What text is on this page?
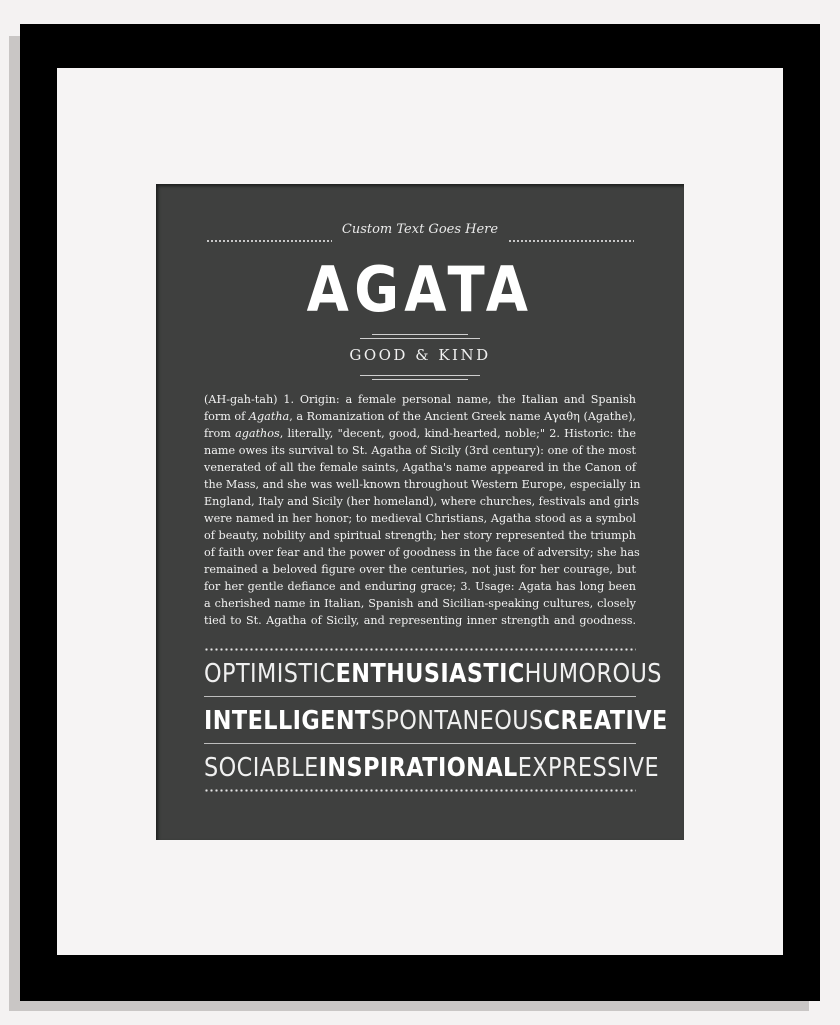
Custom Text Goes Here
AGATA
GOOD & KIND
(AH-gah-tah) 1. Origin: a female personal name, the Italian and Spanish
form of Agatha, a Romanization of the Ancient Greek name Αγαθη (Agathe),
from agathos, literally, "decent, good, kind-hearted, noble;" 2. Historic: the
name owes its survival to St. Agatha of Sicily (3rd century): one of the most
venerated of all the female saints, Agatha's name appeared in the Canon of
the Mass, and she was well-known throughout Western Europe, especially in
England, Italy and Sicily (her homeland), where churches, festivals and girls
were named in her honor; to medieval Christians, Agatha stood as a symbol
of beauty, nobility and spiritual strength; her story represented the triumph
of faith over fear and the power of goodness in the face of adversity; she has
remained a beloved figure over the centuries, not just for her courage, but
for her gentle defiance and enduring grace; 3. Usage: Agata has long been
a cherished name in Italian, Spanish and Sicilian-speaking cultures, closely
tied to St. Agatha of Sicily, and representing inner strength and goodness.
OPTIMISTIC ENTHUSIASTIC HUMOROUS
INTELLIGENT SPONTANEOUS CREATIVE
SOCIABLE INSPIRATIONAL EXPRESSIVE
